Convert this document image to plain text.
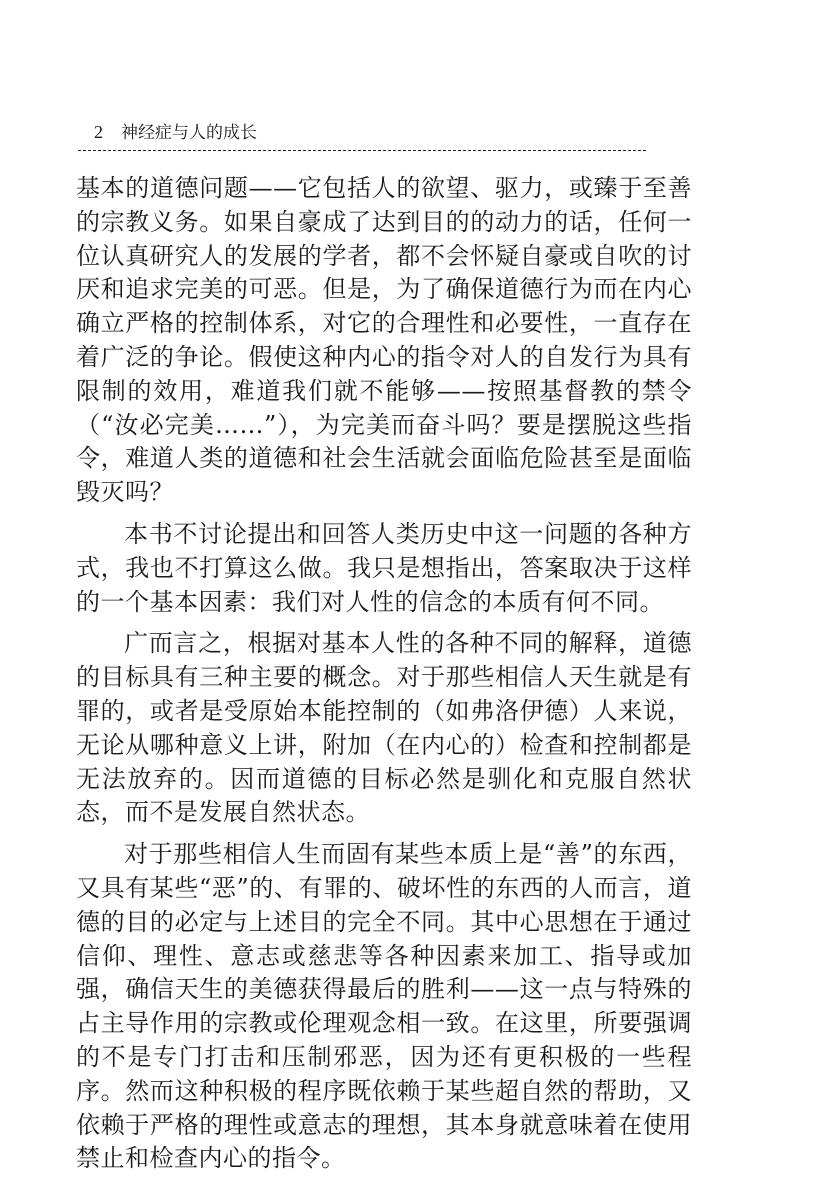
2 神经症与人的成长

基本的道德问题——它包括人的欲望、驱力，或臻于至善的宗教义务。如果自豪成了达到目的的动力的话，任何一位认真研究人的发展的学者，都不会怀疑自豪或自吹的讨厌和追求完美的可恶。但是，为了确保道德行为而在内心确立严格的控制体系，对它的合理性和必要性，一直存在着广泛的争论。假使这种内心的指令对人的自发行为具有限制的效用，难道我们就不能够——按照基督教的禁令（“汝必完美……”），为完美而奋斗吗？要是摆脱这些指令，难道人类的道德和社会生活就会面临危险甚至是面临毁灭吗？

本书不讨论提出和回答人类历史中这一问题的各种方式，我也不打算这么做。我只是想指出，答案取决于这样的一个基本因素：我们对人性的信念的本质有何不同。

广而言之，根据对基本人性的各种不同的解释，道德的目标具有三种主要的概念。对于那些相信人天生就是有罪的，或者是受原始本能控制的（如弗洛伊德）人来说，无论从哪种意义上讲，附加（在内心的）检查和控制都是无法放弃的。因而道德的目标必然是驯化和克服自然状态，而不是发展自然状态。

对于那些相信人生而固有某些本质上是“善”的东西，又具有某些“恶”的、有罪的、破坏性的东西的人而言，道德的目的必定与上述目的完全不同。其中心思想在于通过信仰、理性、意志或慈悲等各种因素来加工、指导或加强，确信天生的美德获得最后的胜利——这一点与特殊的占主导作用的宗教或伦理观念相一致。在这里，所要强调的不是专门打击和压制邪恶，因为还有更积极的一些程序。然而这种积极的程序既依赖于某些超自然的帮助，又依赖于严格的理性或意志的理想，其本身就意味着在使用禁止和检查内心的指令。
